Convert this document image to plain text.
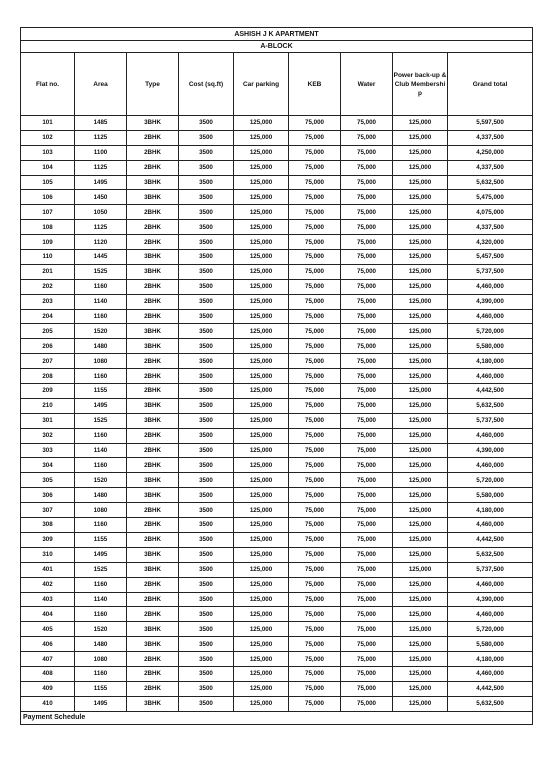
ASHISH J K APARTMENT								
A-BLOCK								
Flat no.	Area	Type	Cost (sq.ft)	Car parking	KEB	Water	Power back-up & Club Membershi p	Grand total
101	1485	3BHK	3500	125,000	75,000	75,000	125,000	5,597,500
102	1125	2BHK	3500	125,000	75,000	75,000	125,000	4,337,500
103	1100	2BHK	3500	125,000	75,000	75,000	125,000	4,250,000
104	1125	2BHK	3500	125,000	75,000	75,000	125,000	4,337,500
105	1495	3BHK	3500	125,000	75,000	75,000	125,000	5,632,500
106	1450	3BHK	3500	125,000	75,000	75,000	125,000	5,475,000
107	1050	2BHK	3500	125,000	75,000	75,000	125,000	4,075,000
108	1125	2BHK	3500	125,000	75,000	75,000	125,000	4,337,500
109	1120	2BHK	3500	125,000	75,000	75,000	125,000	4,320,000
110	1445	3BHK	3500	125,000	75,000	75,000	125,000	5,457,500
201	1525	3BHK	3500	125,000	75,000	75,000	125,000	5,737,500
202	1160	2BHK	3500	125,000	75,000	75,000	125,000	4,460,000
203	1140	2BHK	3500	125,000	75,000	75,000	125,000	4,390,000
204	1160	2BHK	3500	125,000	75,000	75,000	125,000	4,460,000
205	1520	3BHK	3500	125,000	75,000	75,000	125,000	5,720,000
206	1480	3BHK	3500	125,000	75,000	75,000	125,000	5,580,000
207	1080	2BHK	3500	125,000	75,000	75,000	125,000	4,180,000
208	1160	2BHK	3500	125,000	75,000	75,000	125,000	4,460,000
209	1155	2BHK	3500	125,000	75,000	75,000	125,000	4,442,500
210	1495	3BHK	3500	125,000	75,000	75,000	125,000	5,632,500
301	1525	3BHK	3500	125,000	75,000	75,000	125,000	5,737,500
302	1160	2BHK	3500	125,000	75,000	75,000	125,000	4,460,000
303	1140	2BHK	3500	125,000	75,000	75,000	125,000	4,390,000
304	1160	2BHK	3500	125,000	75,000	75,000	125,000	4,460,000
305	1520	3BHK	3500	125,000	75,000	75,000	125,000	5,720,000
306	1480	3BHK	3500	125,000	75,000	75,000	125,000	5,580,000
307	1080	2BHK	3500	125,000	75,000	75,000	125,000	4,180,000
308	1160	2BHK	3500	125,000	75,000	75,000	125,000	4,460,000
309	1155	2BHK	3500	125,000	75,000	75,000	125,000	4,442,500
310	1495	3BHK	3500	125,000	75,000	75,000	125,000	5,632,500
401	1525	3BHK	3500	125,000	75,000	75,000	125,000	5,737,500
402	1160	2BHK	3500	125,000	75,000	75,000	125,000	4,460,000
403	1140	2BHK	3500	125,000	75,000	75,000	125,000	4,390,000
404	1160	2BHK	3500	125,000	75,000	75,000	125,000	4,460,000
405	1520	3BHK	3500	125,000	75,000	75,000	125,000	5,720,000
406	1480	3BHK	3500	125,000	75,000	75,000	125,000	5,580,000
407	1080	2BHK	3500	125,000	75,000	75,000	125,000	4,180,000
408	1160	2BHK	3500	125,000	75,000	75,000	125,000	4,460,000
409	1155	2BHK	3500	125,000	75,000	75,000	125,000	4,442,500
410	1495	3BHK	3500	125,000	75,000	75,000	125,000	5,632,500
Payment Schedule								
